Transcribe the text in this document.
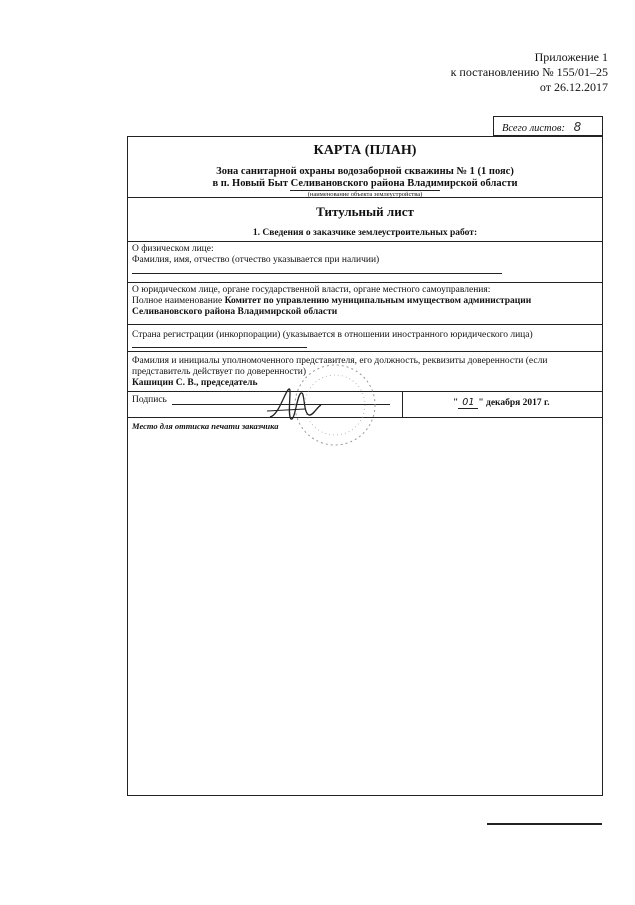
Приложение 1
к постановлению № 155/01–25
от 26.12.2017
Всего листов: 8
КАРТА (ПЛАН)
Зона санитарной охраны водозаборной скважины № 1 (1 пояс)
в п. Новый Быт Селивановского района Владимирской области
(наименование объекта землеустройства)
Титульный лист
1. Сведения о заказчике землеустроительных работ:
О физическом лице:
Фамилия, имя, отчество (отчество указывается при наличии)
О юридическом лице, органе государственной власти, органе местного самоуправления:
Полное наименование Комитет по управлению муниципальным имуществом администрации
Селивановского района Владимирской области
Страна регистрации (инкорпорации) (указывается в отношении иностранного юридического лица)
Фамилия и инициалы уполномоченного представителя, его должность, реквизиты доверенности (если представитель действует по доверенности)
Кашицин С. В., председатель
Подпись	" 01 " декабря 2017 г.
Место для оттиска печати заказчика
